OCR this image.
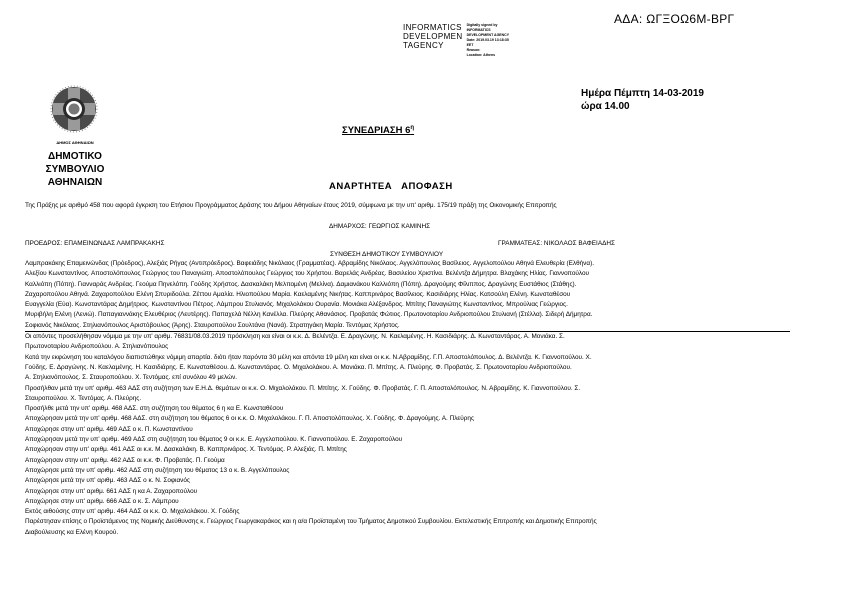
ΑΔΑ: ΩΓΞΟΩ6Μ-ΒΡΓ
INFORMATICS
DEVELOPMEN
TAGENCY
Digitally signed by
INFORMATICS
DEVELOPMENT AGENCY
Date: 2019.03.19 13:18:35
EET
Reason:
Location: Athens
ΔΗΜΟΣ ΑΘΗΝΑΙΩΝ
ΔΗΜΟΤΙΚΟ ΣΥΜΒΟΥΛΙΟ
ΑΘΗΝΑΙΩΝ
Ημέρα Πέμπτη 14-03-2019
ώρα 14.00
ΣΥΝΕΔΡΙΑΣΗ $6^\eta$
ΑΝΑΡΤΗΤΕΑ   ΑΠΟΦΑΣΗ
Της Πράξης με αριθμό 458 που αφορά έγκριση του Ετήσιου Προγράμματος Δράσης του Δήμου Αθηναίων έτους 2019, σύμφωνα με την υπ' αριθμ. 175/19 πράξη της Οικονομικής Επιτροπής
ΔΗΜΑΡΧΟΣ: ΓΕΩΡΓΙΟΣ ΚΑΜΙΝΗΣ
ΠΡΟΕΔΡΟΣ: ΕΠΑΜΕΙΝΩΝΔΑΣ ΛΑΜΠΡΑΚΑΚΗΣ	ΓΡΑΜΜΑΤΕΑΣ: ΝΙΚΟΛΑΟΣ ΒΑΦΕΙΑΔΗΣ
ΣΥΝΘΕΣΗ ΔΗΜΟΤΙΚΟΥ ΣΥΜΒΟΥΛΙΟΥ
Λαμπρακάκης Επαμεινώνδας (Πρόεδρος), Αλεξιάς Ρήγας (Αντιπρόεδρος). Βαφειάδης Νικόλαος (Γραμματέας). Αβραμίδης Νικόλαος. Αγγελόπουλος Βασίλειος. Αγγελοπούλου Αθηνά Ελευθερία (Ελθήνα).
Αλεξίου Κωνσταντίνος. Αποστολόπουλος Γεώργιος του Παναγιώτη. Αποστολόπουλος Γεώργιος του Χρήστου. Βαρελάς Ανδρέας. Βασιλείου Χριστίνα. Βελέντζα Δήμητρα. Βλαχάκης Ηλίας. Γιαννοπούλου
Καλλιόπη (Πόπη). Γιανναράς Ανδρέας. Γεούμα Πηνελόπη. Γούδης Χρήστος. Δασκαλάκη Μελπομένη (Μελίνα). Δαμιανάκου Καλλιόπη (Πόπη). Δραγούμης Φίλιππος. Δραγώνης Ευστάθιος (Στάθης).
Ζαχαροπούλου Αθηνά. Ζαχαροπούλου Ελένη Σπυριδούλα. Ζέττου Αμαλία. Ηλιοπούλου Μαρία. Καελαμένης Νικήτας. Καππρινάρος Βασίλειος. Κασιδιάρης Ηλίας. Κατσούλη Ελένη. Κωνσταθέσου
Ευαγγελία (Εύα). Κωνσταντάρας Δημήτριος. Κωνσταντίνου Πέτρος. Λάμπρου Στυλιανός. Μιχαλολάκου Ουρανία. Μονιάκα Αλέξανδρος. Μπίτης Παναγιώτης Κωνσταντίνος. Μπρούλιας Γεώργιος.
Μυριβήλη Ελένη (Λενιώ). Παπαγιαννάκης Ελευθέριος (Λευτέρης). Παπαχελά Νέλλη Κανέλλα. Πλεύρης Αθανάσιος. Προβατάς Φώτιος. Πρωτονοταρίου Ανδριοπούλου Στυλιανή (Στέλλα). Σιδερή Δήμητρα.
Σοφιανός Νικόλαος. Στηλιανόπουλος Αριστόβουλος (Άρης). Σταυροπούλου Σουλτάνα (Νανά). Στρατηγάκη Μαρία. Τεντόμας Χρήστος.
Οι απόντες προσελήθησαν νόμιμα με την υπ' αριθμ. 76831/08.03.2019 πρόσκληση και είναι οι κ.κ. Δ. Βελέντζα. Ε. Δραγώνης. Ν. Καελαμένης. Η. Κασιδιάρης. Δ. Κωνσταντάρας. Α. Μονιάκα. Σ.
Πρωτονοταρίου Ανδριοπούλου. Α. Στηλιανόπουλος
Κατά την εκφώνηση του καταλόγου διαπιστώθηκε νόμιμη απαρτία. διότι ήταν παρόντα 30 μέλη και απόντα 19 μέλη και είναι οι κ.κ. Ν.Αβραμίδης. Γ.Π. Αποστολόπουλος. Δ. Βελέντζα. Κ. Γιαννοπούλου. Χ.
Γούδης. Ε. Δραγώνης. Ν. Καελαμένης. Η. Κασιδιάρης. Ε. Κωνσταθέσου. Δ. Κωνσταντάρας. Ο. Μιχαλολάκου. Α. Μονιάκα. Π. Μπίτης. Α. Πλεύρης. Φ. Προβατάς. Σ. Πρωτονοταρίου Ανδριοπούλου.
Α. Στηλιανόπουλος. Σ. Σταυροπούλου. Χ. Τεντόμας. επί συνόλου 49 μελών.
Προσήλθαν μετά την υπ' αριθμ. 463 ΑΔΣ στη συζήτηση των Ε.Η.Δ. θεμάτων οι κ.κ. Ο. Μιχαλολάκου. Π. Μπίτης. Χ. Γούδης. Φ. Προβατάς. Γ. Π. Αποστολόπουλος. Ν. Αβραμίδης. Κ. Γιαννοπούλου. Σ.
Σταυροπούλου. Χ. Τεντόμας. Α. Πλεύρης.
Προσήλθε μετά την υπ' αριθμ. 468 ΑΔΣ. στη συζήτηση του θέματος 6 η κα Ε. Κωνσταθέσου
Αποχώρησαν μετά την υπ' αριθμ. 468 ΑΔΣ. στη συζήτηση του θέματος 6 οι κ.κ. Ο. Μιχαλολάκου. Γ. Π. Αποστολόπουλος. Χ. Γούδης. Φ. Δραγούμης. Α. Πλεύρης
Αποχώρησε στην υπ' αριθμ. 469 ΑΔΣ ο κ. Π. Κωνσταντίνου
Αποχώρησαν μετά την υπ' αριθμ. 469 ΑΔΣ στη συζήτηση του θέματος 9 οι κ.κ. Ε. Αγγελοπούλου. Κ. Γιαννοπούλου. Ε. Ζαχαροπούλου
Αποχώρησαν στην υπ' αριθμ. 461 ΑΔΣ οι κ.κ. Μ. Δασκαλάκη. Β. Καππρινάρος. Χ. Τεντόμας. Ρ. Αλεξιάς. Π. Μπίτης
Αποχώρησαν στην υπ' αριθμ. 462 ΑΔΣ οι κ.κ. Φ. Προβατάς. Π. Γεούμα
Αποχώρησε μετά την υπ' αριθμ. 462 ΑΔΣ στη συζήτηση του θέματος 13 ο κ. Β. Αγγελόπουλος
Αποχώρησε μετά την υπ' αριθμ. 463 ΑΔΣ ο κ. Ν. Σοφιανός
Αποχώρησε στην υπ' αριθμ. 661 ΑΔΣ η κα Α. Ζαχαροπούλου
Αποχώρησε στην υπ' αριθμ. 666 ΑΔΣ ο κ. Σ. Λάμπρου
Εκτός αιθούσης στην υπ' αριθμ. 464 ΑΔΣ οι κ.κ. Ο. Μιχαλολάκου. Χ. Γούδης
Παρέστησαν επίσης ο Προϊστάμενος της Νομικής Διεύθυνσης κ. Γεώργιος Γεωργακαράκος και η α/α Προϊσταμένη του Τμήματος Δημοτικού Συμβουλίου. Εκτελεστικής Επιτροπής και Δημοτικής Επιτροπής
Διαβούλευσης κα Ελένη Κουρού.
